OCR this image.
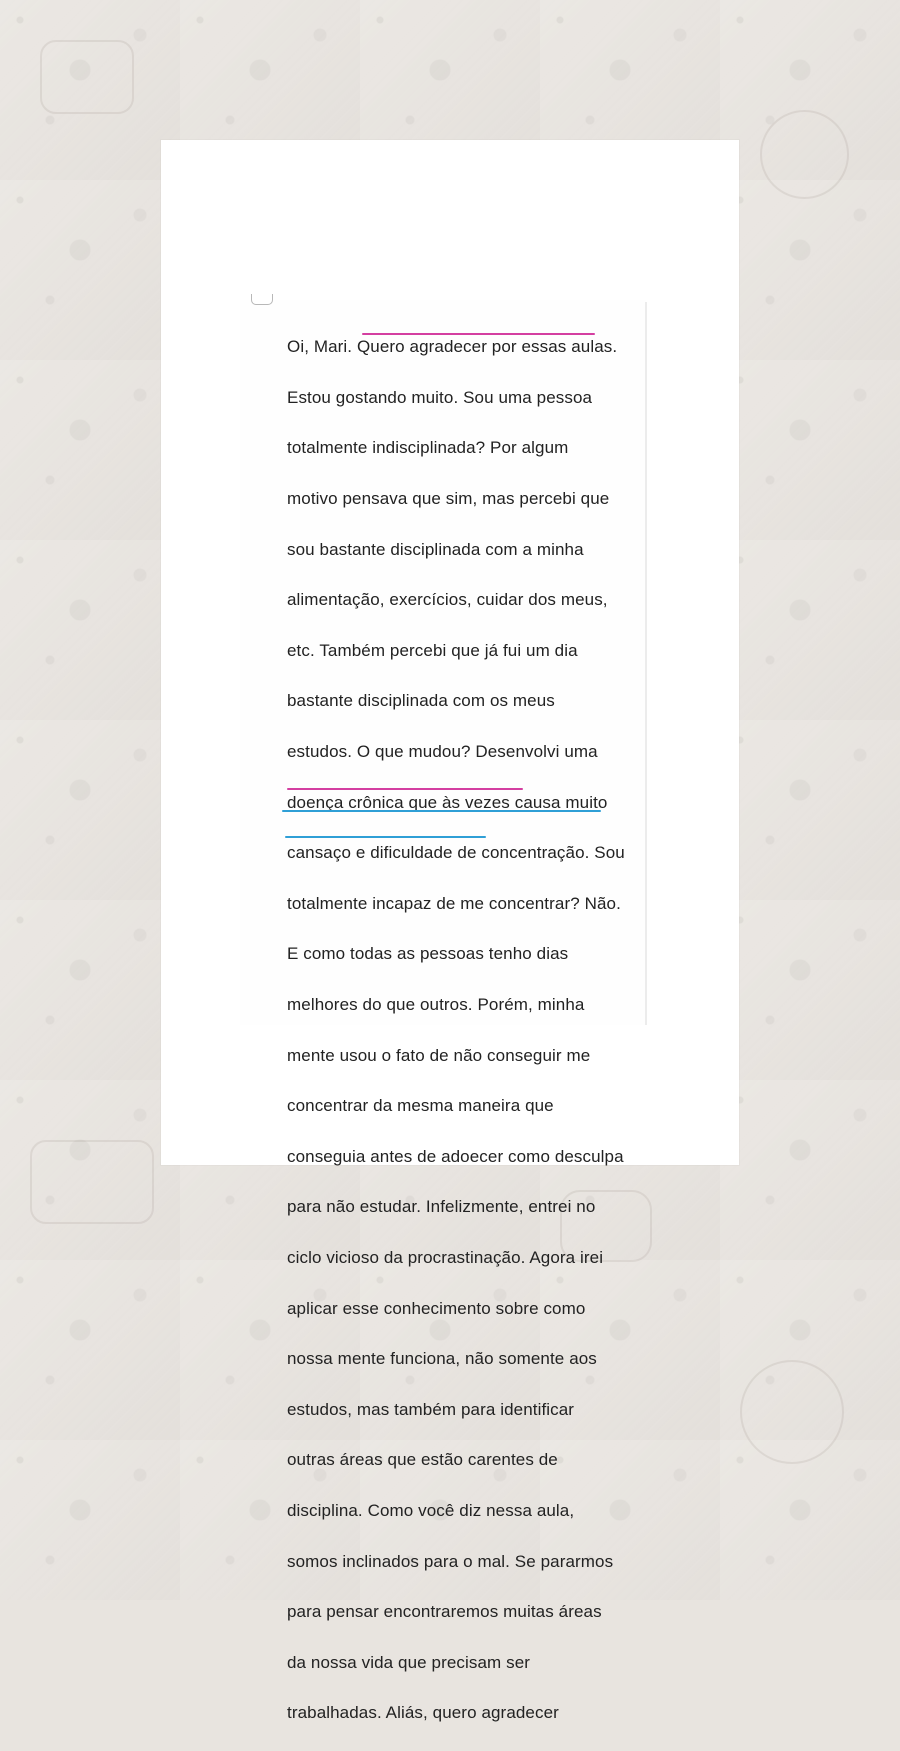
Oi, Mari. Quero agradecer por essas aulas.

Estou gostando muito. Sou uma pessoa

totalmente indisciplinada? Por algum

motivo pensava que sim, mas percebi que

sou bastante disciplinada com a minha

alimentação, exercícios, cuidar dos meus,

etc. Também percebi que já fui um dia

bastante disciplinada com os meus

estudos. O que mudou? Desenvolvi uma

doença crônica que às vezes causa muito

cansaço e dificuldade de concentração. Sou

totalmente incapaz de me concentrar? Não.

E como todas as pessoas tenho dias

melhores do que outros. Porém, minha

mente usou o fato de não conseguir me

concentrar da mesma maneira que

conseguia antes de adoecer como desculpa

para não estudar. Infelizmente, entrei no

ciclo vicioso da procrastinação. Agora irei

aplicar esse conhecimento sobre como

nossa mente funciona, não somente aos

estudos, mas também para identificar

outras áreas que estão carentes de

disciplina. Como você diz nessa aula,

somos inclinados para o mal. Se pararmos

para pensar encontraremos muitas áreas

da nossa vida que precisam ser

trabalhadas. Aliás, quero agradecer
